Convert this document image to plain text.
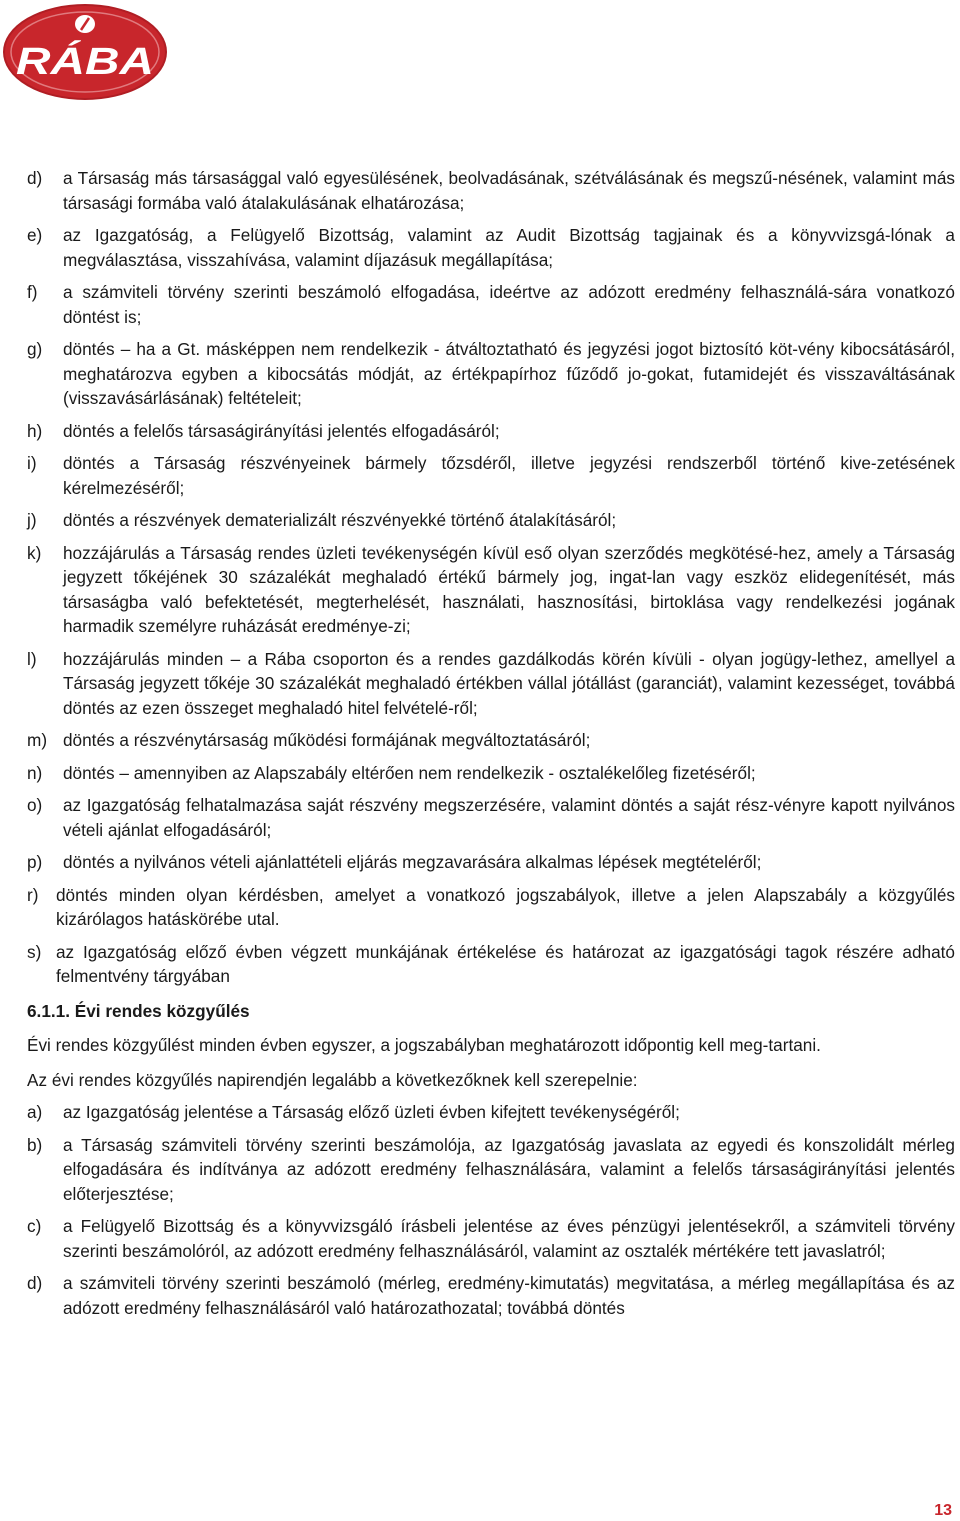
RÁBA
d)	a Társaság más társasággal való egyesülésének, beolvadásának, szétválásának és megszű-nésének, valamint más társasági formába való átalakulásának elhatározása;
e)	az Igazgatóság, a Felügyelő Bizottság, valamint az Audit Bizottság tagjainak és a könyvvizsgá-lónak a megválasztása, visszahívása, valamint díjazásuk megállapítása;
f)	a számviteli törvény szerinti beszámoló elfogadása, ideértve az adózott eredmény felhasználá-sára vonatkozó döntést is;
g)	döntés – ha a Gt. másképpen nem rendelkezik - átváltoztatható és jegyzési jogot biztosító köt-vény kibocsátásáról, meghatározva egyben a kibocsátás módját, az értékpapírhoz fűződő jo-gokat, futamidejét és visszaváltásának (visszavásárlásának) feltételeit;
h)	döntés a felelős társaságirányítási jelentés elfogadásáról;
i)	döntés a Társaság részvényeinek bármely tőzsdéről, illetve jegyzési rendszerből történő kive-zetésének kérelmezéséről;
j)	döntés a részvények dematerializált részvényekké történő átalakításáról;
k)	hozzájárulás a Társaság rendes üzleti tevékenységén kívül eső olyan szerződés megkötésé-hez, amely a Társaság jegyzett tőkéjének 30 százalékát meghaladó értékű bármely jog, ingat-lan vagy eszköz elidegenítését, más társaságba való befektetését, megterhelését, használati, hasznosítási, birtoklása vagy rendelkezési jogának harmadik személyre ruházását eredménye-zi;
l)	hozzájárulás minden – a Rába csoporton és a rendes gazdálkodás körén kívüli - olyan jogügy-lethez, amellyel a Társaság jegyzett tőkéje 30 százalékát meghaladó értékben vállal jótállást (garanciát), valamint kezességet, továbbá döntés az ezen összeget meghaladó hitel felvételé-ről;
m) döntés a részvénytársaság működési formájának megváltoztatásáról;
n)	döntés – amennyiben az Alapszabály eltérően nem rendelkezik - osztalékelőleg fizetéséről;
o)	az Igazgatóság felhatalmazása saját részvény megszerzésére, valamint döntés a saját rész-vényre kapott nyilvános vételi ajánlat elfogadásáról;
p)	döntés a nyilvános vételi ajánlattételi eljárás megzavarására alkalmas lépések megtételéről;
r)	döntés minden olyan kérdésben, amelyet a vonatkozó jogszabályok, illetve a jelen Alapszabály a közgyűlés kizárólagos hatáskörébe utal.
s) az Igazgatóság előző évben végzett munkájának értékelése és határozat az igazgatósági tagok részére adható felmentvény tárgyában
6.1.1. Évi rendes közgyűlés
Évi rendes közgyűlést minden évben egyszer, a jogszabályban meghatározott időpontig kell meg-tartani.
Az évi rendes közgyűlés napirendjén legalább a következőknek kell szerepelnie:
a)	az Igazgatóság jelentése a Társaság előző üzleti évben kifejtett tevékenységéről;
b)	a Társaság számviteli törvény szerinti beszámolója, az Igazgatóság javaslata az egyedi és konszolidált mérleg elfogadására és indítványa az adózott eredmény felhasználására, valamint a felelős társaságirányítási jelentés előterjesztése;
c)	a Felügyelő Bizottság és a könyvvizsgáló írásbeli jelentése az éves pénzügyi jelentésekről, a számviteli törvény szerinti beszámolóról, az adózott eredmény felhasználásáról, valamint az osztalék mértékére tett javaslatról;
d)	a számviteli törvény szerinti beszámoló (mérleg, eredmény-kimutatás) megvitatása, a mérleg megállapítása és az adózott eredmény felhasználásáról való határozathozatal; továbbá döntés
13
